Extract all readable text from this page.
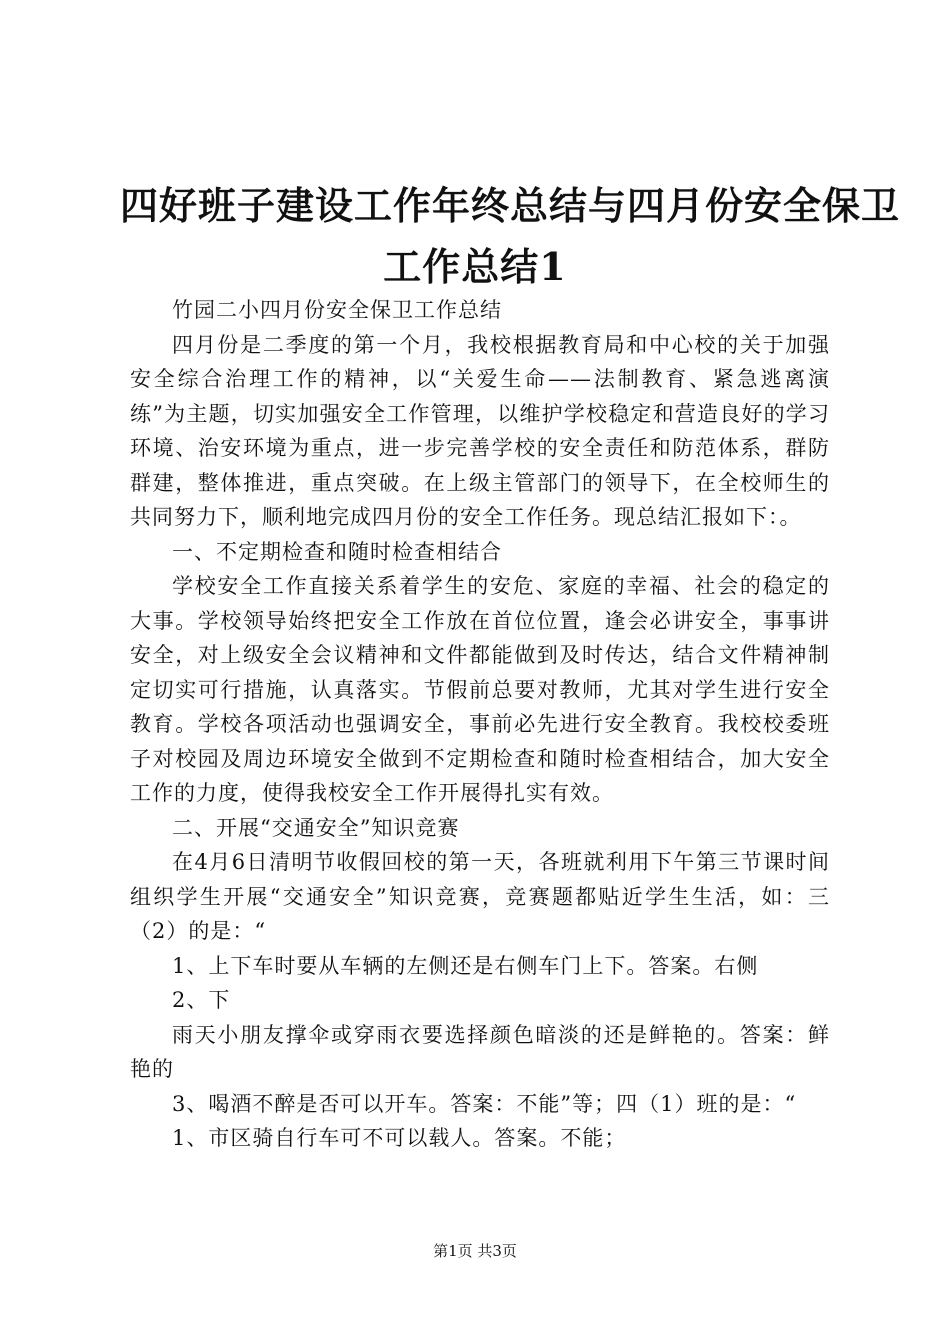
四好班子建设工作年终总结与四月份安全保卫
工作总结1

竹园二小四月份安全保卫工作总结

四月份是二季度的第一个月，我校根据教育局和中心校的关于加强安全综合治理工作的精神，以“关爱生命——法制教育、紧急逃离演练”为主题，切实加强安全工作管理，以维护学校稳定和营造良好的学习环境、治安环境为重点，进一步完善学校的安全责任和防范体系，群防群建，整体推进，重点突破。在上级主管部门的领导下，在全校师生的共同努力下，顺利地完成四月份的安全工作任务。现总结汇报如下：。

一、不定期检查和随时检查相结合

学校安全工作直接关系着学生的安危、家庭的幸福、社会的稳定的大事。学校领导始终把安全工作放在首位位置，逢会必讲安全，事事讲安全，对上级安全会议精神和文件都能做到及时传达，结合文件精神制定切实可行措施，认真落实。节假前总要对教师，尤其对学生进行安全教育。学校各项活动也强调安全，事前必先进行安全教育。我校校委班子对校园及周边环境安全做到不定期检查和随时检查相结合，加大安全工作的力度，使得我校安全工作开展得扎实有效。

二、开展“交通安全”知识竞赛

在4月6日清明节收假回校的第一天，各班就利用下午第三节课时间组织学生开展“交通安全”知识竞赛，竞赛题都贴近学生生活，如：三（2）的是：“

1、上下车时要从车辆的左侧还是右侧车门上下。答案。右侧

2、下

雨天小朋友撑伞或穿雨衣要选择颜色暗淡的还是鲜艳的。答案：鲜艳的

3、喝酒不醉是否可以开车。答案：不能”等；四（1）班的是：“

1、市区骑自行车可不可以载人。答案。不能；

第1页 共3页
